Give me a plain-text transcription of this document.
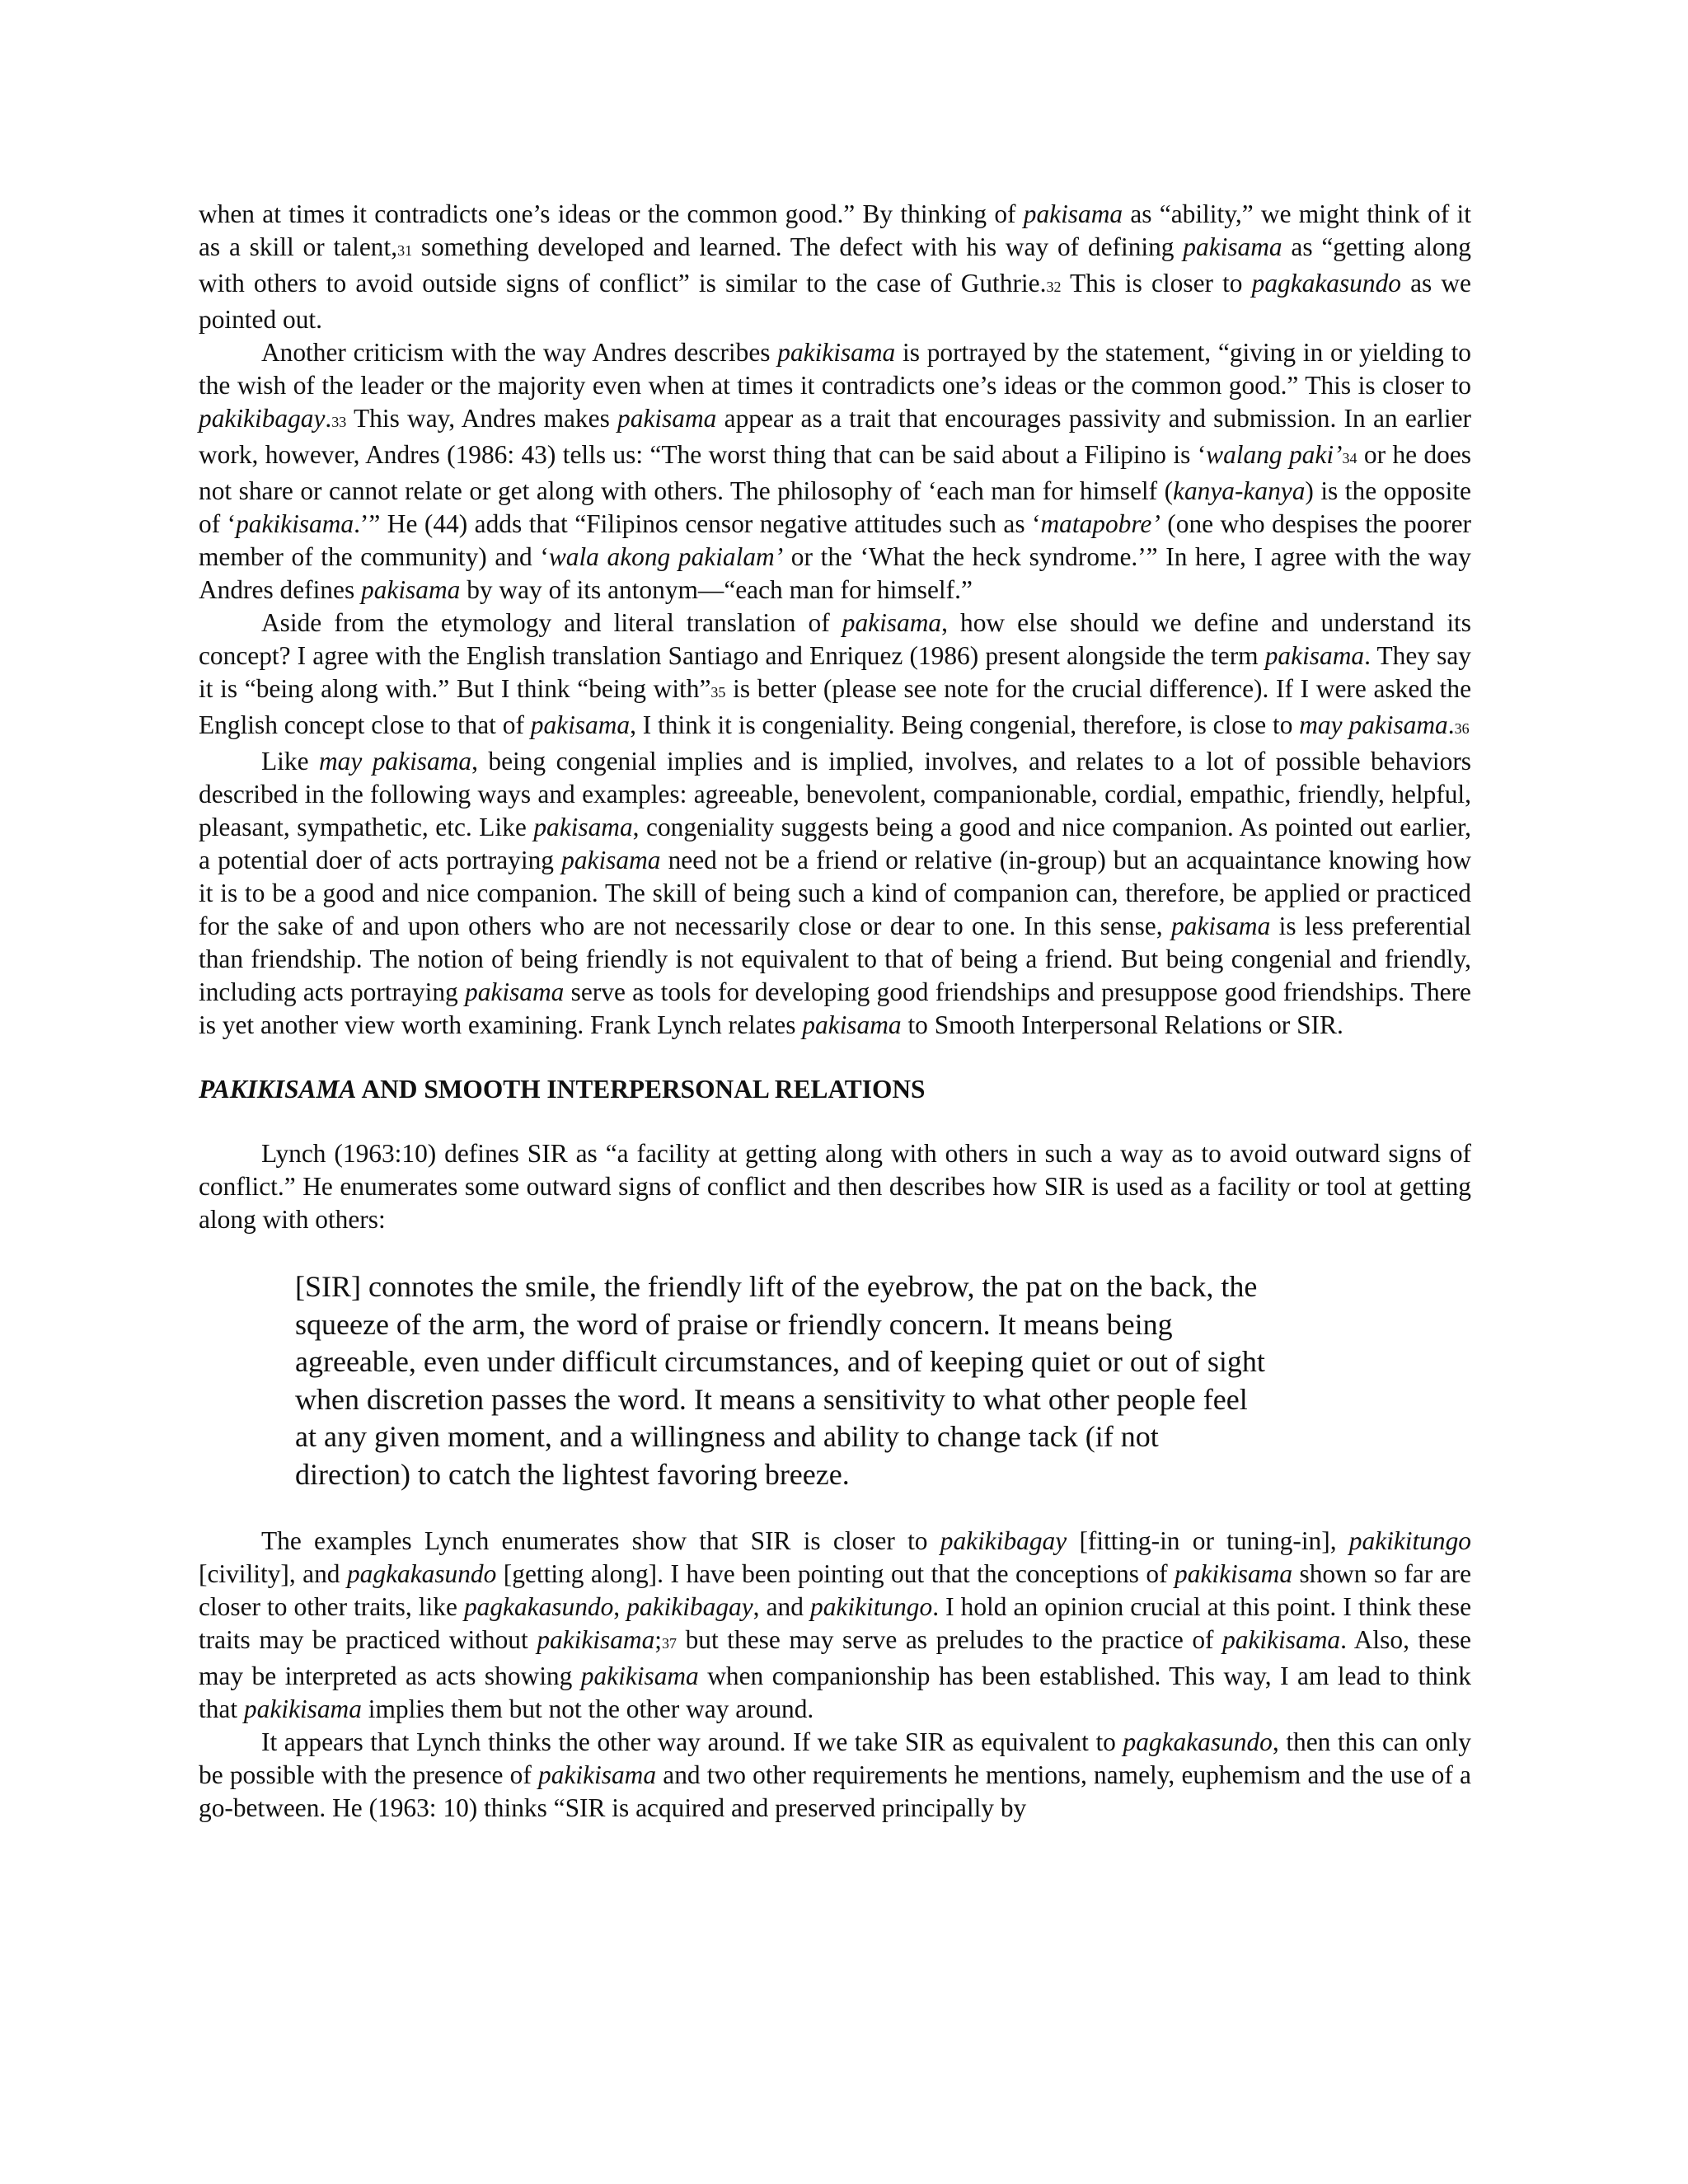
when at times it contradicts one’s ideas or the common good.” By thinking of pakisama as “ability,” we might think of it as a skill or talent,31 something developed and learned. The defect with his way of defining pakisama as “getting along with others to avoid outside signs of conflict” is similar to the case of Guthrie.32 This is closer to pagkakasundo as we pointed out.

Another criticism with the way Andres describes pakikisama is portrayed by the statement, “giving in or yielding to the wish of the leader or the majority even when at times it contradicts one’s ideas or the common good.” This is closer to pakikibagay.33 This way, Andres makes pakisama appear as a trait that encourages passivity and submission. In an earlier work, however, Andres (1986: 43) tells us: “The worst thing that can be said about a Filipino is ‘walang paki’34 or he does not share or cannot relate or get along with others. The philosophy of ‘each man for himself (kanya-kanya) is the opposite of ‘pakikisama.’” He (44) adds that “Filipinos censor negative attitudes such as ‘matapobre’ (one who despises the poorer member of the community) and ‘wala akong pakialam’ or the ‘What the heck syndrome.’” In here, I agree with the way Andres defines pakisama by way of its antonym—“each man for himself.”

Aside from the etymology and literal translation of pakisama, how else should we define and understand its concept? I agree with the English translation Santiago and Enriquez (1986) present alongside the term pakisama. They say it is “being along with.” But I think “being with”35 is better (please see note for the crucial difference). If I were asked the English concept close to that of pakisama, I think it is congeniality. Being congenial, therefore, is close to may pakisama.36

Like may pakisama, being congenial implies and is implied, involves, and relates to a lot of possible behaviors described in the following ways and examples: agreeable, benevolent, companionable, cordial, empathic, friendly, helpful, pleasant, sympathetic, etc. Like pakisama, congeniality suggests being a good and nice companion. As pointed out earlier, a potential doer of acts portraying pakisama need not be a friend or relative (in-group) but an acquaintance knowing how it is to be a good and nice companion. The skill of being such a kind of companion can, therefore, be applied or practiced for the sake of and upon others who are not necessarily close or dear to one. In this sense, pakisama is less preferential than friendship. The notion of being friendly is not equivalent to that of being a friend. But being congenial and friendly, including acts portraying pakisama serve as tools for developing good friendships and presuppose good friendships. There is yet another view worth examining. Frank Lynch relates pakisama to Smooth Interpersonal Relations or SIR.

PAKIKISAMA AND SMOOTH INTERPERSONAL RELATIONS

Lynch (1963:10) defines SIR as “a facility at getting along with others in such a way as to avoid outward signs of conflict.” He enumerates some outward signs of conflict and then describes how SIR is used as a facility or tool at getting along with others:

[SIR] connotes the smile, the friendly lift of the eyebrow, the pat on the back, the
squeeze of the arm, the word of praise or friendly concern. It means being
agreeable, even under difficult circumstances, and of keeping quiet or out of sight
when discretion passes the word. It means a sensitivity to what other people feel
at any given moment, and a willingness and ability to change tack (if not
direction) to catch the lightest favoring breeze.

The examples Lynch enumerates show that SIR is closer to pakikibagay [fitting-in or tuning-in], pakikitungo [civility], and pagkakasundo [getting along]. I have been pointing out that the conceptions of pakikisama shown so far are closer to other traits, like pagkakasundo, pakikibagay, and pakikitungo. I hold an opinion crucial at this point. I think these traits may be practiced without pakikisama;37 but these may serve as preludes to the practice of pakikisama. Also, these may be interpreted as acts showing pakikisama when companionship has been established. This way, I am lead to think that pakikisama implies them but not the other way around.

It appears that Lynch thinks the other way around. If we take SIR as equivalent to pagkakasundo, then this can only be possible with the presence of pakikisama and two other requirements he mentions, namely, euphemism and the use of a go-between. He (1963: 10) thinks “SIR is acquired and preserved principally by
